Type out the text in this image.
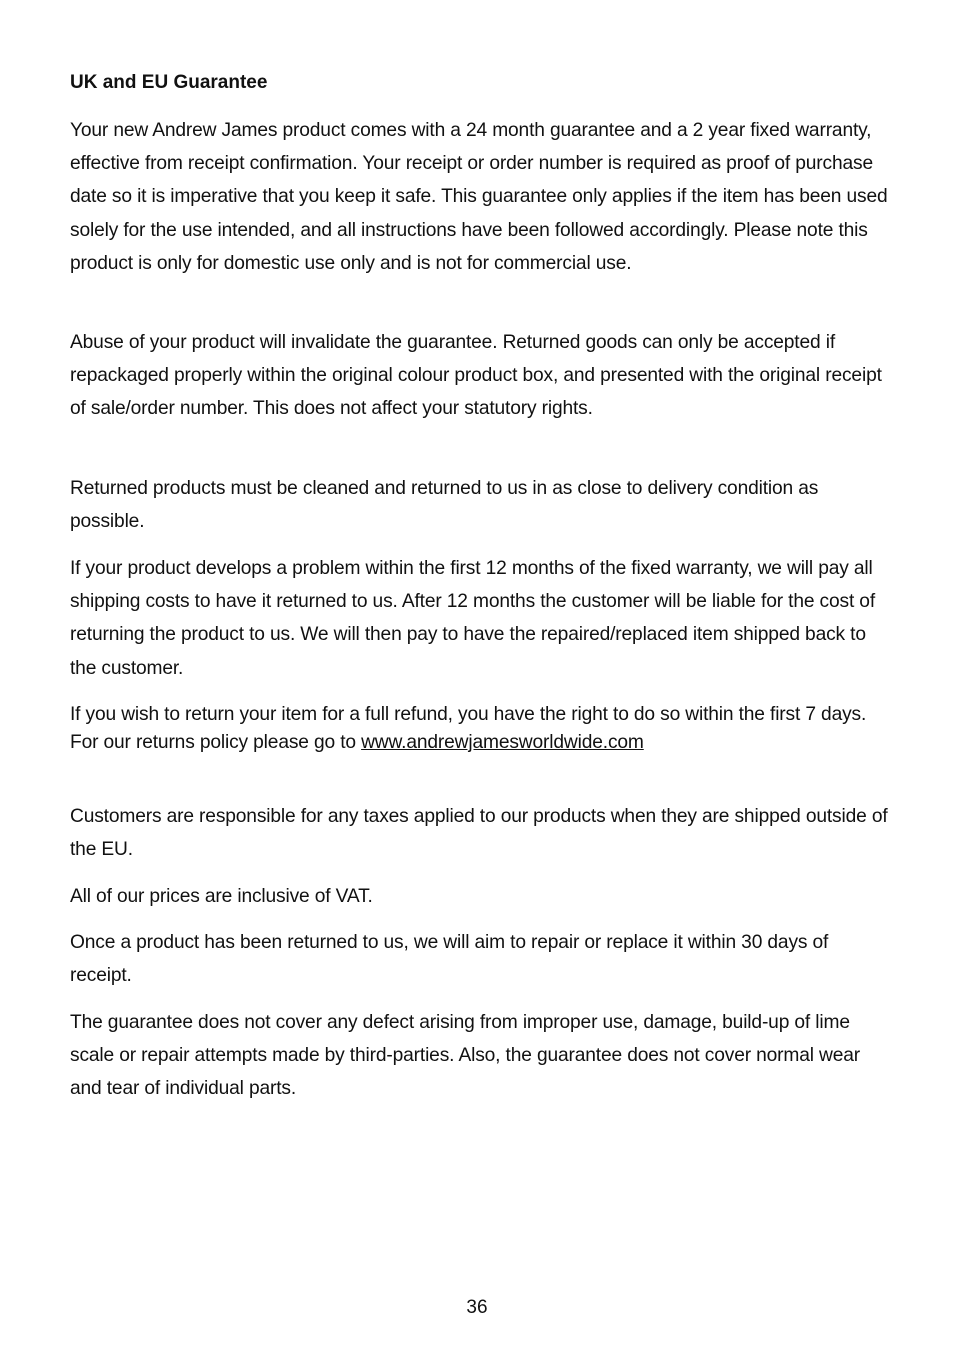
UK and EU Guarantee

Your new Andrew James product comes with a 24 month guarantee and a 2 year fixed warranty, effective from receipt confirmation. Your receipt or order number is required as proof of purchase date so it is imperative that you keep it safe. This guarantee only applies if the item has been used solely for the use intended, and all instructions have been followed accordingly. Please note this product is only for domestic use only and is not for commercial use.

Abuse of your product will invalidate the guarantee. Returned goods can only be accepted if repackaged properly within the original colour product box, and presented with the original receipt of sale/order number. This does not affect your statutory rights.

Returned products must be cleaned and returned to us in as close to delivery condition as possible.

If your product develops a problem within the first 12 months of the fixed warranty, we will pay all shipping costs to have it returned to us. After 12 months the customer will be liable for the cost of returning the product to us. We will then pay to have the repaired/replaced item shipped back to the customer.

If you wish to return your item for a full refund, you have the right to do so within the first 7 days. For our returns policy please go to www.andrewjamesworldwide.com

Customers are responsible for any taxes applied to our products when they are shipped outside of the EU.

All of our prices are inclusive of VAT.

Once a product has been returned to us, we will aim to repair or replace it within 30 days of receipt.

The guarantee does not cover any defect arising from improper use, damage, build-up of lime scale or repair attempts made by third-parties. Also, the guarantee does not cover normal wear and tear of individual parts.

36
